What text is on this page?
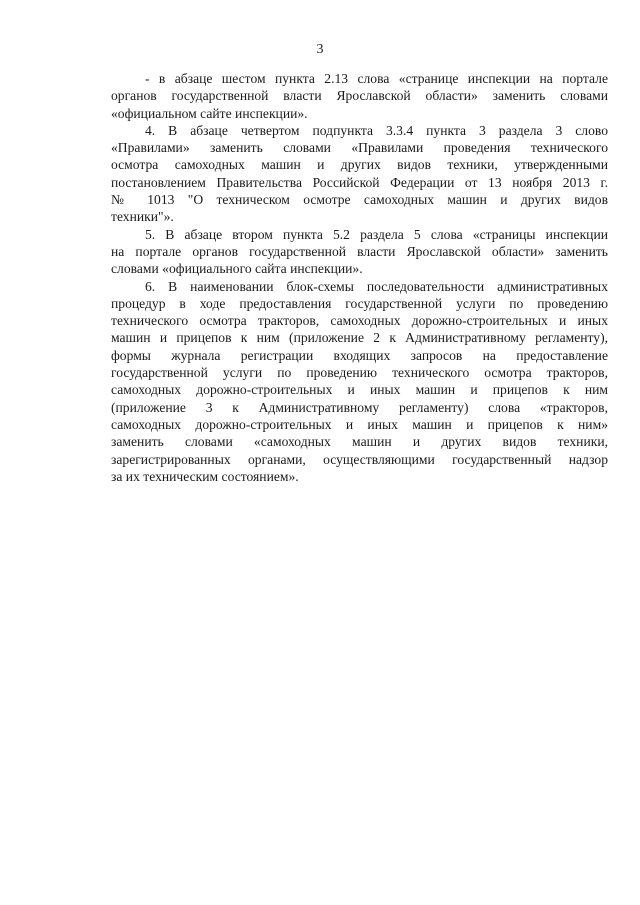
3

- в абзаце шестом пункта 2.13 слова «странице инспекции на портале
органов государственной власти Ярославской области» заменить словами
«официальном сайте инспекции».

4. В абзаце четвертом подпункта 3.3.4 пункта 3 раздела 3 слово
«Правилами» заменить словами «Правилами проведения технического
осмотра самоходных машин и других видов техники, утвержденными
постановлением Правительства Российской Федерации от 13 ноября 2013 г.
№ 1013 "О техническом осмотре самоходных машин и других видов
техники"».

5. В абзаце втором пункта 5.2 раздела 5 слова «страницы инспекции
на портале органов государственной власти Ярославской области» заменить
словами «официального сайта инспекции».

6. В наименовании блок-схемы последовательности административных
процедур в ходе предоставления государственной услуги по проведению
технического осмотра тракторов, самоходных дорожно-строительных и иных
машин и прицепов к ним (приложение 2 к Административному регламенту),
формы журнала регистрации входящих запросов на предоставление
государственной услуги по проведению технического осмотра тракторов,
самоходных дорожно-строительных и иных машин и прицепов к ним
(приложение 3 к Административному регламенту) слова «тракторов,
самоходных дорожно-строительных и иных машин и прицепов к ним»
заменить словами «самоходных машин и других видов техники,
зарегистрированных органами, осуществляющими государственный надзор
за их техническим состоянием».
